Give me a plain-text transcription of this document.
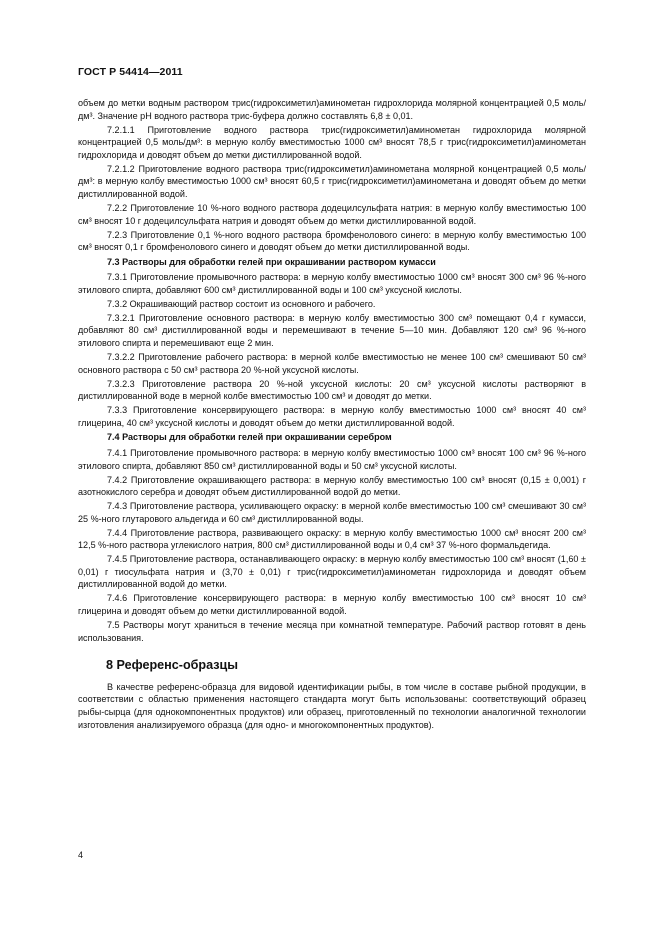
ГОСТ Р 54414—2011

объем до метки водным раствором трис(гидроксиметил)аминометан гидрохлорида молярной концентрацией 0,5 моль/дм³. Значение рН водного раствора трис-буфера должно составлять 6,8 ± 0,01.

7.2.1.1 Приготовление водного раствора трис(гидроксиметил)аминометан гидрохлорида молярной концентрацией 0,5 моль/дм³: в мерную колбу вместимостью 1000 см³ вносят 78,5 г трис(гидроксиметил)аминометан гидрохлорида и доводят объем до метки дистиллированной водой.

7.2.1.2 Приготовление водного раствора трис(гидроксиметил)аминометана молярной концентрацией 0,5 моль/дм³: в мерную колбу вместимостью 1000 см³ вносят 60,5 г трис(гидроксиметил)аминометана и доводят объем до метки дистиллированной водой.

7.2.2 Приготовление 10 %-ного водного раствора додецилсульфата натрия: в мерную колбу вместимостью 100 см³ вносят 10 г додецилсульфата натрия и доводят объем до метки дистиллированной водой.

7.2.3 Приготовление 0,1 %-ного водного раствора бромфенолового синего: в мерную колбу вместимостью 100 см³ вносят 0,1 г бромфенолового синего и доводят объем до метки дистиллированной воды.

7.3 Растворы для обработки гелей при окрашивании раствором кумасси

7.3.1 Приготовление промывочного раствора: в мерную колбу вместимостью 1000 см³ вносят 300 см³ 96 %-ного этилового спирта, добавляют 600 см³ дистиллированной воды и 100 см³ уксусной кислоты.

7.3.2 Окрашивающий раствор состоит из основного и рабочего.

7.3.2.1 Приготовление основного раствора: в мерную колбу вместимостью 300 см³ помещают 0,4 г кумасси, добавляют 80 см³ дистиллированной воды и перемешивают в течение 5—10 мин. Добавляют 120 см³ 96 %-ного этилового спирта и перемешивают еще 2 мин.

7.3.2.2 Приготовление рабочего раствора: в мерной колбе вместимостью не менее 100 см³ смешивают 50 см³ основного раствора с 50 см³ раствора 20 %-ной уксусной кислоты.

7.3.2.3 Приготовление раствора 20 %-ной уксусной кислоты: 20 см³ уксусной кислоты растворяют в дистиллированной воде в мерной колбе вместимостью 100 см³ и доводят до метки.

7.3.3 Приготовление консервирующего раствора: в мерную колбу вместимостью 1000 см³ вносят 40 см³ глицерина, 40 см³ уксусной кислоты и доводят объем до метки дистиллированной водой.

7.4 Растворы для обработки гелей при окрашивании серебром

7.4.1 Приготовление промывочного раствора: в мерную колбу вместимостью 1000 см³ вносят 100 см³ 96 %-ного этилового спирта, добавляют 850 см³ дистиллированной воды и 50 см³ уксусной кислоты.

7.4.2 Приготовление окрашивающего раствора: в мерную колбу вместимостью 100 см³ вносят (0,15 ± 0,001) г азотнокислого серебра и доводят объем дистиллированной водой до метки.

7.4.3 Приготовление раствора, усиливающего окраску: в мерной колбе вместимостью 100 см³ смешивают 30 см³ 25 %-ного глутарового альдегида и 60 см³ дистиллированной воды.

7.4.4 Приготовление раствора, развивающего окраску: в мерную колбу вместимостью 1000 см³ вносят 200 см³ 12,5 %-ного раствора углекислого натрия, 800 см³ дистиллированной воды и 0,4 см³ 37 %-ного формальдегида.

7.4.5 Приготовление раствора, останавливающего окраску: в мерную колбу вместимостью 100 см³ вносят (1,60 ± 0,01) г тиосульфата натрия и (3,70 ± 0,01) г трис(гидроксиметил)аминометан гидрохлорида и доводят объем дистиллированной водой до метки.

7.4.6 Приготовление консервирующего раствора: в мерную колбу вместимостью 100 см³ вносят 10 см³ глицерина и доводят объем до метки дистиллированной водой.

7.5 Растворы могут храниться в течение месяца при комнатной температуре. Рабочий раствор готовят в день использования.

8 Референс-образцы

В качестве референс-образца для видовой идентификации рыбы, в том числе в составе рыбной продукции, в соответствии с областью применения настоящего стандарта могут быть использованы: соответствующий образец рыбы-сырца (для однокомпонентных продуктов) или образец, приготовленный по технологии аналогичной технологии изготовления анализируемого образца (для одно- и многокомпонентных продуктов).

4
